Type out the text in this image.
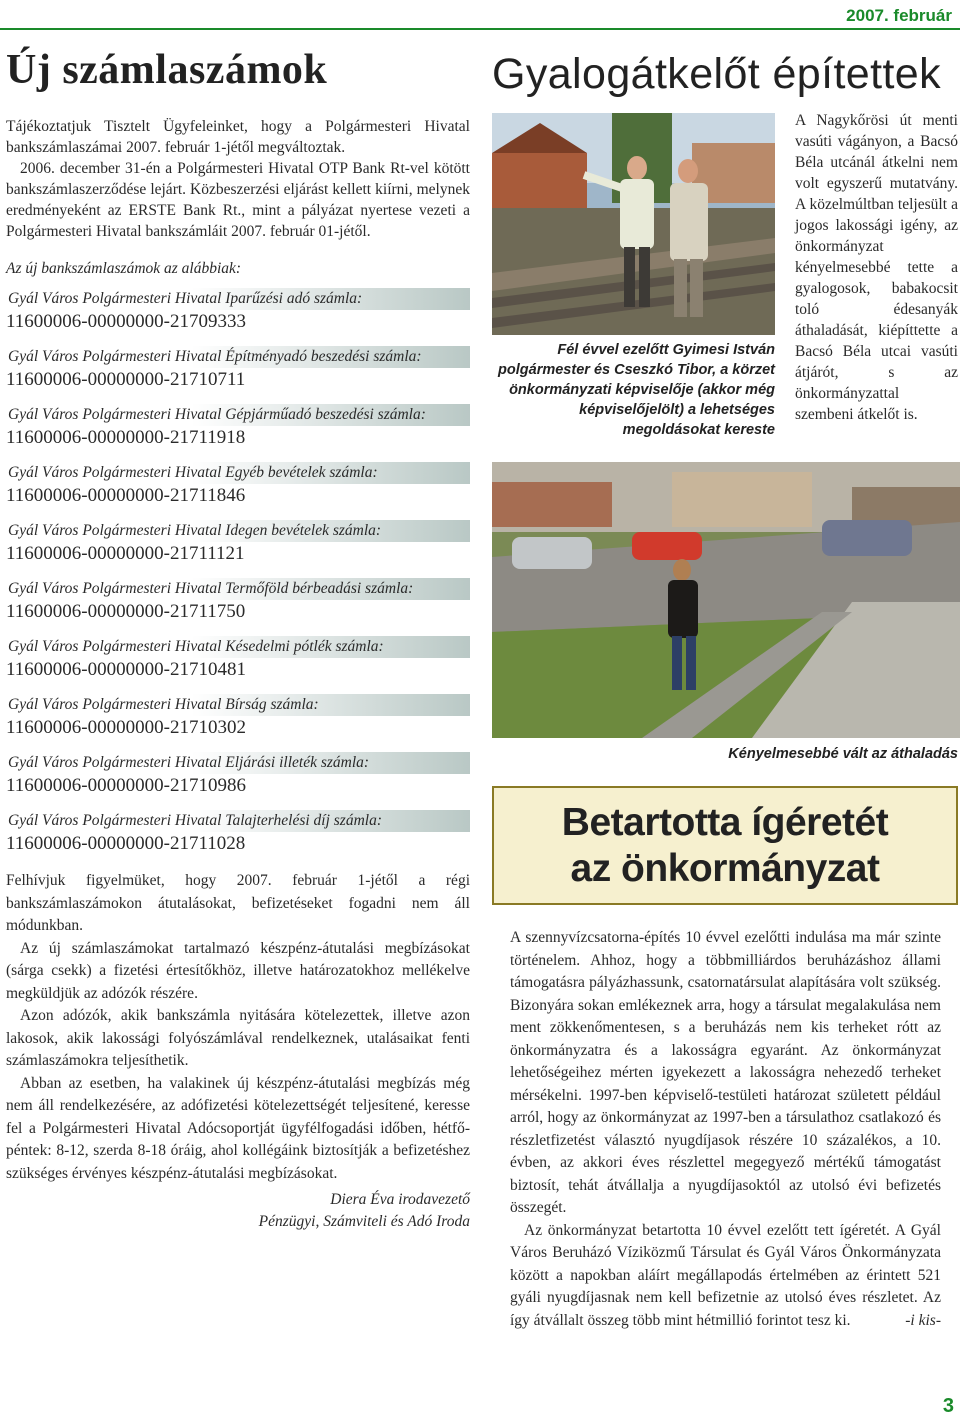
2007. február
Új számlaszámok

Tájékoztatjuk Tisztelt Ügyfeleinket, hogy a Polgármesteri Hivatal bankszámlaszámai 2007. február 1-jétől megváltoztak.

2006. december 31-én a Polgármesteri Hivatal OTP Bank Rt-vel kötött bankszámlaszerződése lejárt. Közbeszerzési eljárást kellett kiírni, melynek eredményeként az ERSTE Bank Rt., mint a pályázat nyertese vezeti a Polgármesteri Hivatal bankszámláit 2007. február 01-jétől.

Az új bankszámlaszámok az alábbiak:
Gyál Város Polgármesteri Hivatal Iparűzési adó számla:
11600006-00000000-21709333
Gyál Város Polgármesteri Hivatal Építményadó beszedési számla:
11600006-00000000-21710711
Gyál Város Polgármesteri Hivatal Gépjárműadó beszedési számla:
11600006-00000000-21711918
Gyál Város Polgármesteri Hivatal Egyéb bevételek számla:
11600006-00000000-21711846
Gyál Város Polgármesteri Hivatal Idegen bevételek számla:
11600006-00000000-21711121
Gyál Város Polgármesteri Hivatal Termőföld bérbeadási számla:
11600006-00000000-21711750
Gyál Város Polgármesteri Hivatal Késedelmi pótlék számla:
11600006-00000000-21710481
Gyál Város Polgármesteri Hivatal Bírság számla:
11600006-00000000-21710302
Gyál Város Polgármesteri Hivatal Eljárási illeték számla:
11600006-00000000-21710986
Gyál Város Polgármesteri Hivatal Talajterhelési díj számla:
11600006-00000000-21711028

Felhívjuk figyelmüket, hogy 2007. február 1-jétől a régi bankszámlaszámokon átutalásokat, befizetéseket fogadni nem áll módunkban.

Az új számlaszámokat tartalmazó készpénz-átutalási megbízásokat (sárga csekk) a fizetési értesítőkhöz, illetve határozatokhoz mellékelve megküldjük az adózók részére.

Azon adózók, akik bankszámla nyitására kötelezettek, illetve azon lakosok, akik lakossági folyószámlával rendelkeznek, utalásaikat fenti számlaszámokra teljesíthetik.

Abban az esetben, ha valakinek új készpénz-átutalási megbízás még nem áll rendelkezésére, az adófizetési kötelezettségét teljesítené, keresse fel a Polgármesteri Hivatal Adócsoportját ügyfélfogadási időben, hétfő-péntek: 8-12, szerda 8-18 óráig, ahol kollégáink biztosítják a befizetéshez szükséges érvényes készpénz-átutalási megbízásokat.

Diera Éva irodavezető
Pénzügyi, Számviteli és Adó Iroda
Gyalogátkelőt építettek
Fél évvel ezelőtt Gyimesi István polgármester és Cseszkó Tibor, a körzet önkormányzati képviselője (akkor még képviselőjelölt) a lehetséges megoldásokat kereste
A Nagykőrösi út menti vasúti vágányon, a Bacsó Béla utcánál átkelni nem volt egyszerű mutatvány. A közelmúltban teljesült a jogos lakossági igény, az önkormányzat kényelmesebbé tette a gyalogosok, babakocsit toló édesanyák áthaladását, kiépíttette a Bacsó Béla utcai vasúti átjárót, s az önkormányzattal szembeni átkelőt is.
Kényelmesebbé vált az áthaladás
Betartotta ígéretét
az önkormányzat

A szennyvízcsatorna-építés 10 évvel ezelőtti indulása ma már szinte történelem. Ahhoz, hogy a többmilliárdos beruházáshoz állami támogatásra pályázhassunk, csatornatársulat alapítására volt szükség. Bizonyára sokan emlékeznek arra, hogy a társulat megalakulása nem ment zökkenőmentesen, s a beruházás nem kis terheket rótt az önkormányzatra és a lakosságra egyaránt. Az önkormányzat lehetőségeihez mérten igyekezett a lakosságra nehezedő terheket mérsékelni. 1997-ben képviselő-testületi határozat született például arról, hogy az önkormányzat az 1997-ben a társulathoz csatlakozó és részletfizetést választó nyugdíjasok részére 10 százalékos, a 10. évben, az akkori éves részlettel megegyező mértékű támogatást biztosít, tehát átvállalja a nyugdíjasoktól az utolsó évi befizetés összegét.

Az önkormányzat betartotta 10 évvel ezelőtt tett ígéretét. A Gyál Város Beruházó Víziközmű Társulat és Gyál Város Önkormányzata között a napokban aláírt megállapodás értelmében az érintett 521 gyáli nyugdíjasnak nem kell befizetnie az utolsó éves részletet. Az így átvállalt összeg több mint hétmillió forintot tesz ki.	-i kis-

3
